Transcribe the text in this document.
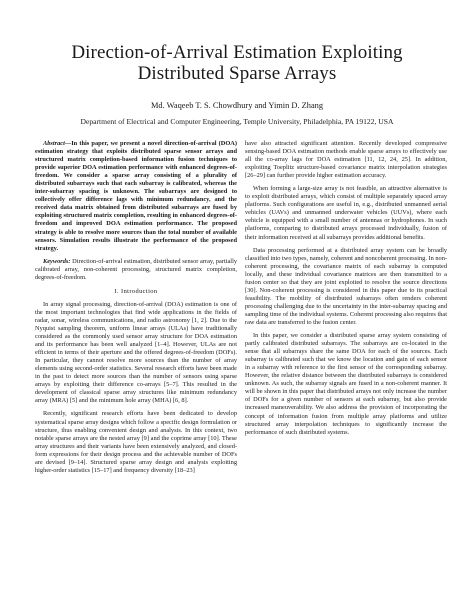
Direction-of-Arrival Estimation Exploiting
Distributed Sparse Arrays
Md. Waqeeb T. S. Chowdhury and Yimin D. Zhang
Department of Electrical and Computer Engineering, Temple University, Philadelphia, PA 19122, USA

Abstract—In this paper, we present a novel direction-of-arrival (DOA) estimation strategy that exploits distributed sparse sensor arrays and structured matrix completion-based information fusion techniques to provide superior DOA estimation performance with enhanced degrees-of-freedom. We consider a sparse array consisting of a plurality of distributed subarrays such that each subarray is calibrated, whereas the inter-subarray spacing is unknown. The subarrays are designed to collectively offer difference lags with minimum redundancy, and the received data matrix obtained from distributed subarrays are fused by exploiting structured matrix completion, resulting in enhanced degrees-of-freedom and improved DOA estimation performance. The proposed strategy is able to resolve more sources than the total number of available sensors. Simulation results illustrate the performance of the proposed strategy.

Keywords: Direction-of-arrival estimation, distributed sensor array, partially calibrated array, non-coherent processing, structured matrix completion, degrees-of-freedom.

I. Introduction

In array signal processing, direction-of-arrival (DOA) estimation is one of the most important technologies that find wide applications in the fields of radar, sonar, wireless communications, and radio astronomy [1, 2]. Due to the Nyquist sampling theorem, uniform linear arrays (ULAs) have traditionally considered as the commonly used sensor array structure for DOA estimation and its performance has been well analyzed [1–4]. However, ULAs are not efficient in terms of their aperture and the offered degrees-of-freedom (DOFs). In particular, they cannot resolve more sources than the number of array elements using second-order statistics. Several research efforts have been made in the past to detect more sources than the number of sensors using sparse arrays by exploiting their difference co-arrays [5–7]. This resulted in the development of classical sparse array structures like minimum redundancy array (MRA) [5] and the minimum hole array (MHA) [6, 8].

Recently, significant research efforts have been dedicated to develop systematical sparse array designs which follow a specific design formulation or structure, thus enabling convenient design and analysis. In this context, two notable sparse arrays are the nested array [9] and the coprime array [10]. These array structures and their variants have been extensively analyzed, and closed-form expressions for their design process and the achievable number of DOFs are devised [9–14]. Structured sparse array design and analysis exploiting higher-order statistics [15–17] and frequency diversity [18–23]

have also attracted significant attention. Recently developed compressive sensing-based DOA estimation methods enable sparse arrays to effectively use all the co-array lags for DOA estimation [11, 12, 24, 25]. In addition, exploiting Toeplitz structure-based covariance matrix interpolation strategies [26–29] can further provide higher estimation accuracy.

When forming a large-size array is not feasible, an attractive alternative is to exploit distributed arrays, which consist of multiple separately spaced array platforms. Such configurations are useful in, e.g., distributed unmanned aerial vehicles (UAVs) and unmanned underwater vehicles (UUVs), where each vehicle is equipped with a small number of antennas or hydrophones. In such platforms, comparing to distributed arrays processed individually, fusion of their information received at all subarrays provides additional benefits.

Data processing performed at a distributed array system can be broadly classified into two types, namely, coherent and noncoherent processing. In non-coherent processing, the covariance matrix of each subarray is computed locally, and these individual covariance matrices are then transmitted to a fusion center so that they are joint exploited to resolve the source directions [30]. Non-coherent processing is considered in this paper due to its practical feasibility. The mobility of distributed subarrays often renders coherent processing challenging due to the uncertainty in the inter-subarray spacing and sampling time of the individual systems. Coherent processing also requires that raw data are transferred to the fusion center.

In this paper, we consider a distributed sparse array system consisting of partly calibrated distributed subarrays. The subarrays are co-located in the sense that all subarrays share the same DOA for each of the sources. Each subarray is calibrated such that we know the location and gain of each sensor in a subarray with reference to the first sensor of the corresponding subarray. However, the relative distance between the distributed subarrays is considered unknown. As such, the subarray signals are fused in a non-coherent manner. It will be shown in this paper that distributed arrays not only increase the number of DOFs for a given number of sensors at each subarray, but also provide increased maneuverability. We also address the provision of incorporating the concept of information fusion from multiple array platforms and utilize structured array interpolation techniques to significantly increase the performance of such distributed systems.
